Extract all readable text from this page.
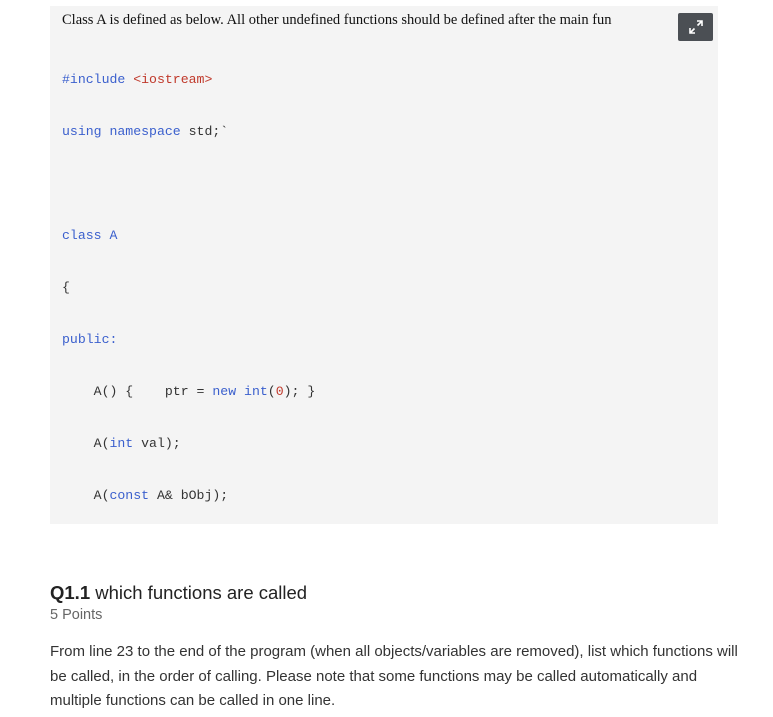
Class A is defined as below. All other undefined functions should be defined after the main fun

#include <iostream>

using namespace std;`

class A

{

public:

A() {    ptr = new int(0); }

A(int val);

A(const A& bObj);

Q1.1 which functions are called
5 Points
From line 23 to the end of the program (when all objects/variables are removed), list which functions will be called, in the order of calling. Please note that some functions may be called automatically and multiple functions can be called in one line.
